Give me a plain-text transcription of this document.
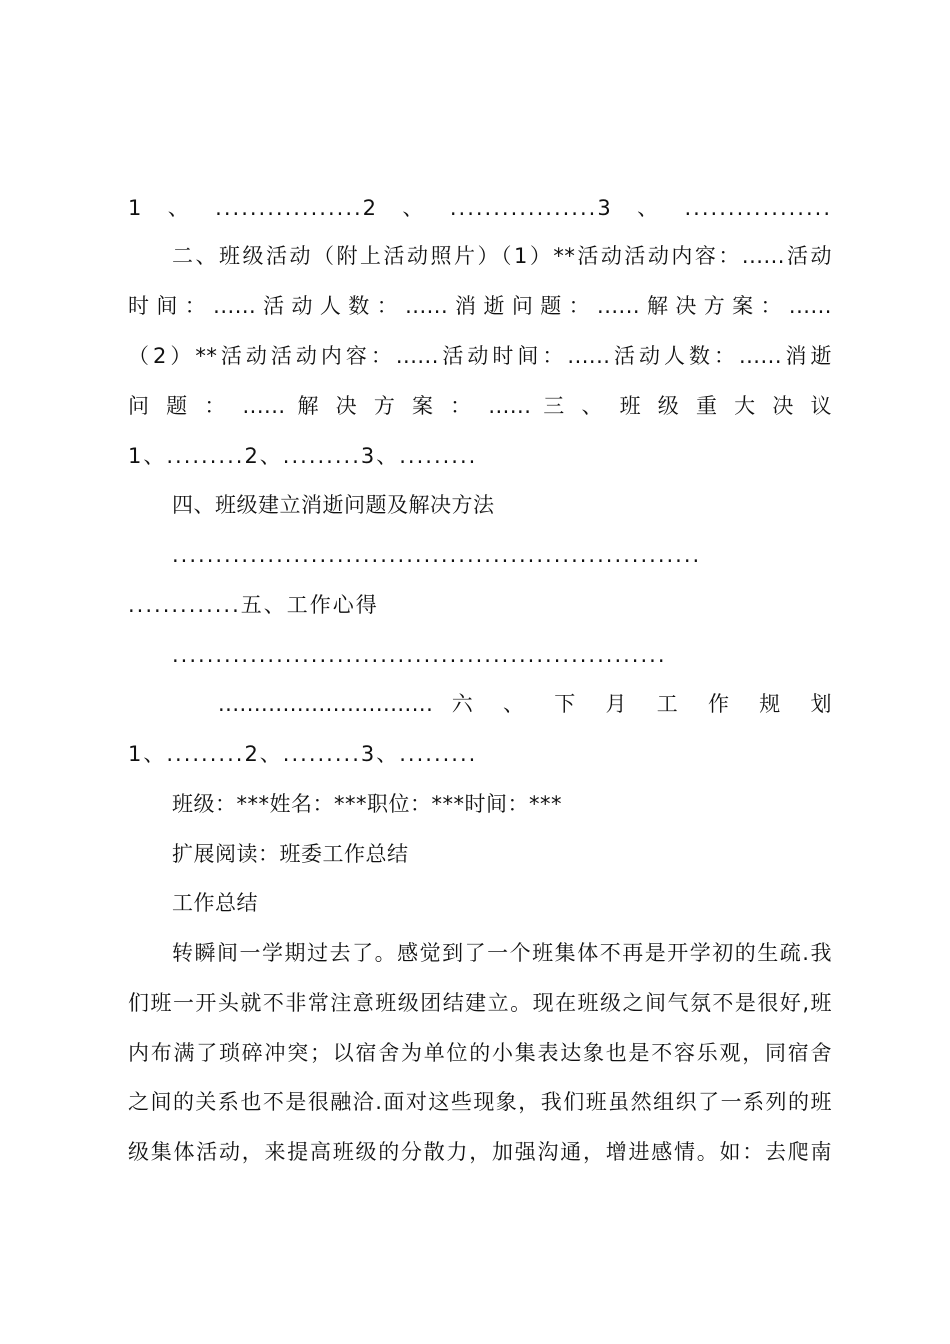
1、.................2、.................3、.................
二、班级活动（附上活动照片）（1）**活动活动内容：......活动
时间：......活动人数：......消逝问题：......解决方案：......
（2）**活动活动内容：......活动时间：......活动人数：......消逝
问 题 ： ...... 解 决 方 案 ： ...... 三 、 班 级 重 大 决 议
1、.........2、.........3、.........
四、班级建立消逝问题及解决方法
.............................................................
.............五、工作心得
.........................................................
.............................. 六 、 下 月 工 作 规 划
1、.........2、.........3、.........
班级：***姓名：***职位：***时间：***
扩展阅读：班委工作总结
工作总结
转瞬间一学期过去了。感觉到了一个班集体不再是开学初的生疏.我
们班一开头就不非常注意班级团结建立。现在班级之间气氛不是很好,班
内布满了琐碎冲突；以宿舍为单位的小集表达象也是不容乐观，同宿舍
之间的关系也不是很融洽.面对这些现象，我们班虽然组织了一系列的班
级集体活动，来提高班级的分散力，加强沟通，增进感情。如：去爬南
